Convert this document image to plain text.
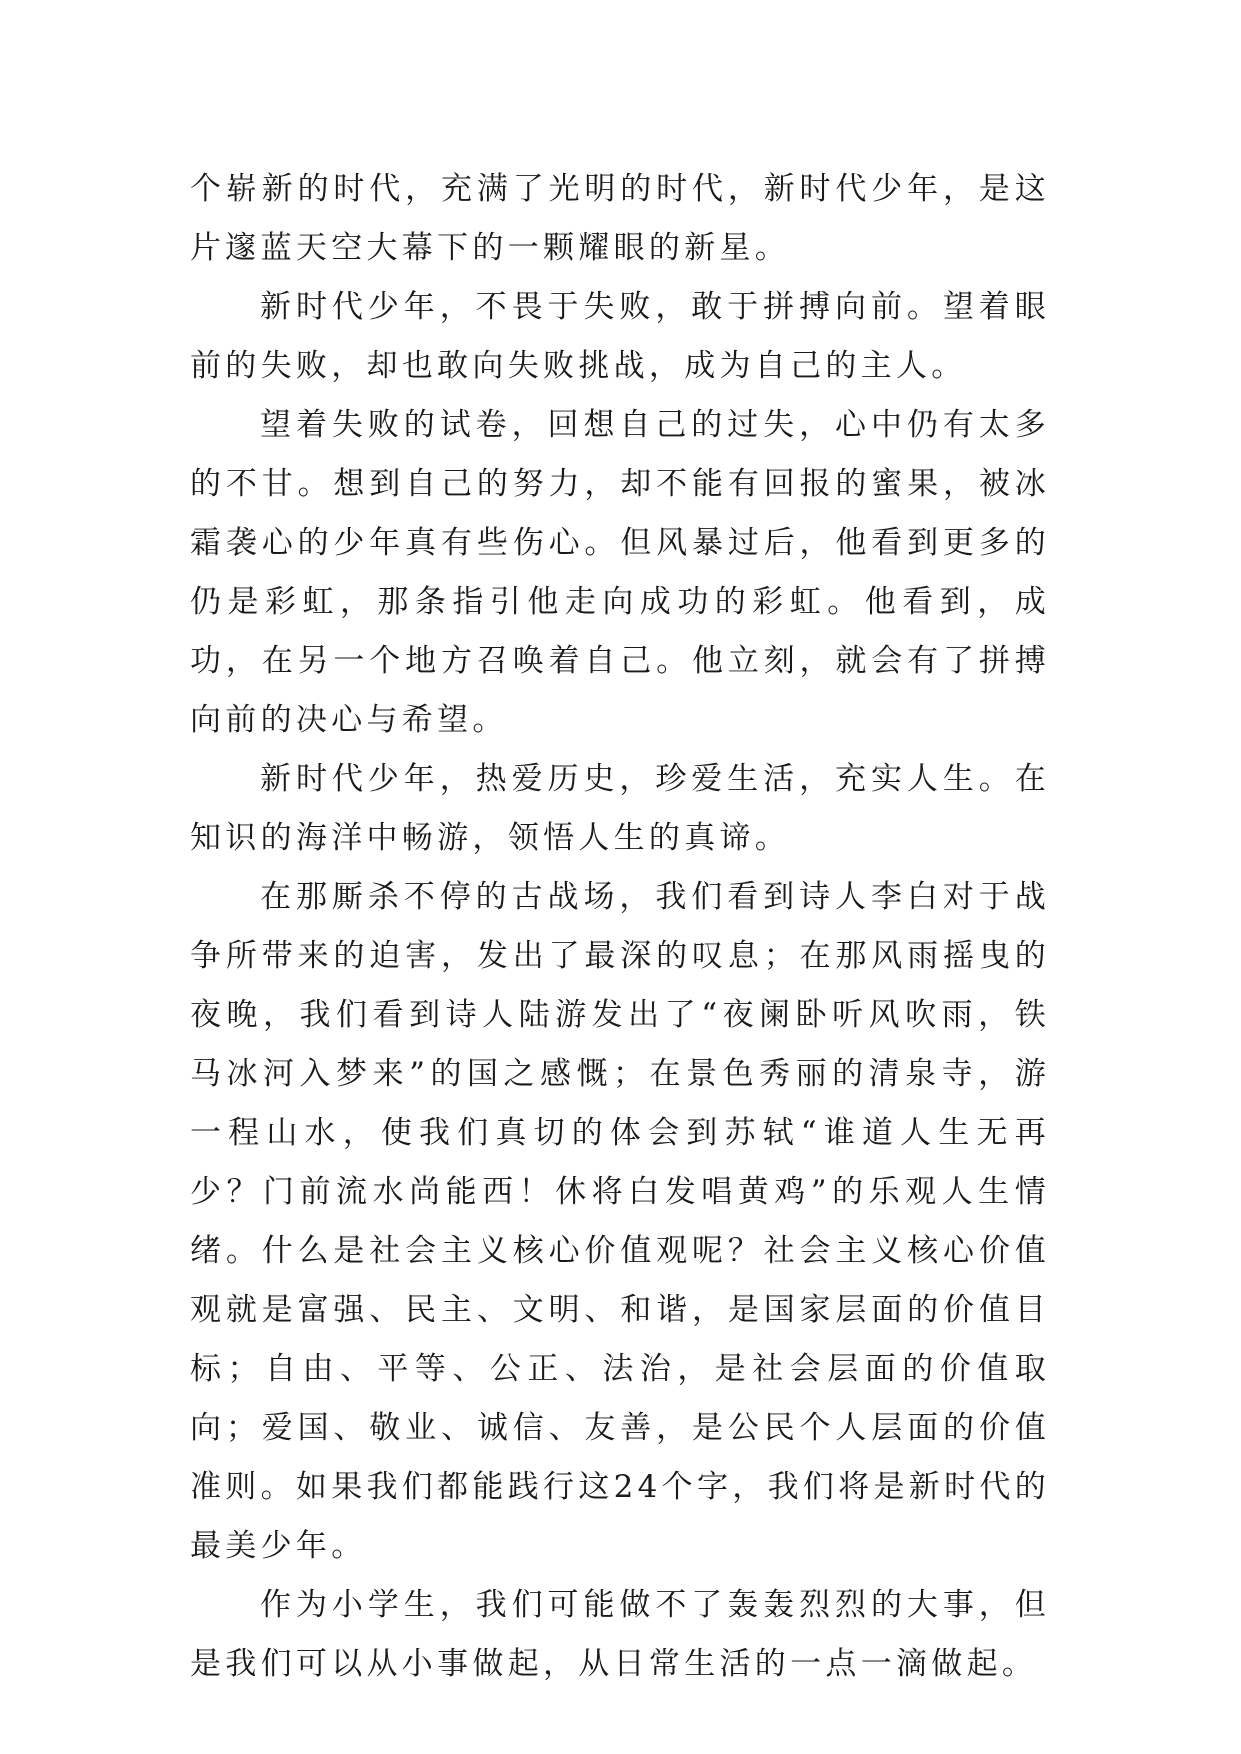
个崭新的时代，充满了光明的时代，新时代少年，是这片邃蓝天空大幕下的一颗耀眼的新星。

新时代少年，不畏于失败，敢于拼搏向前。望着眼前的失败，却也敢向失败挑战，成为自己的主人。

望着失败的试卷，回想自己的过失，心中仍有太多的不甘。想到自己的努力，却不能有回报的蜜果，被冰霜袭心的少年真有些伤心。但风暴过后，他看到更多的仍是彩虹，那条指引他走向成功的彩虹。他看到，成功，在另一个地方召唤着自己。他立刻，就会有了拼搏向前的决心与希望。

新时代少年，热爱历史，珍爱生活，充实人生。在知识的海洋中畅游，领悟人生的真谛。

在那厮杀不停的古战场，我们看到诗人李白对于战争所带来的迫害，发出了最深的叹息；在那风雨摇曳的夜晚，我们看到诗人陆游发出了“夜阑卧听风吹雨，铁马冰河入梦来”的国之感慨；在景色秀丽的清泉寺，游一程山水，使我们真切的体会到苏轼“谁道人生无再少？门前流水尚能西！休将白发唱黄鸡”的乐观人生情绪。什么是社会主义核心价值观呢？社会主义核心价值观就是富强、民主、文明、和谐，是国家层面的价值目标；自由、平等、公正、法治，是社会层面的价值取向；爱国、敬业、诚信、友善，是公民个人层面的价值准则。如果我们都能践行这24个字，我们将是新时代的最美少年。

作为小学生，我们可能做不了轰轰烈烈的大事，但是我们可以从小事做起，从日常生活的一点一滴做起。
